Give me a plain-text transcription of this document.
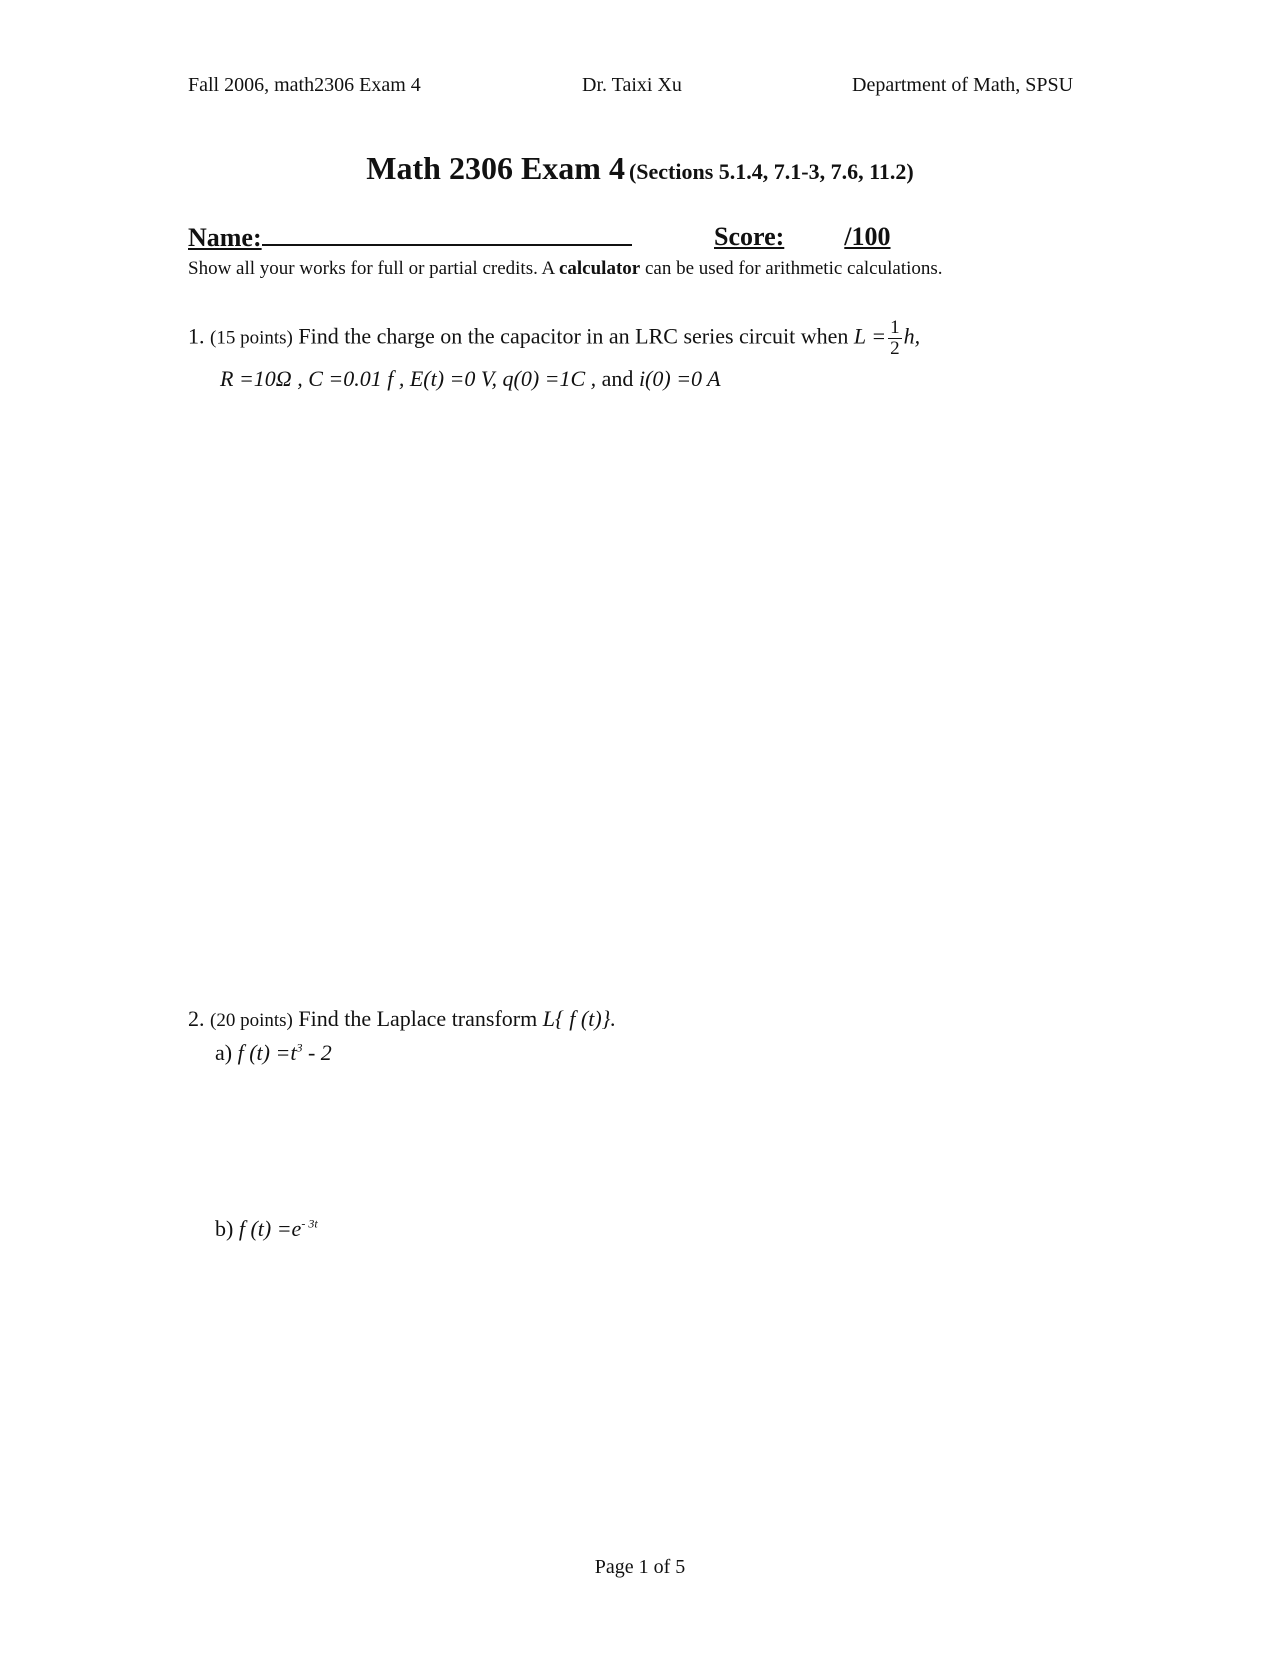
Fall 2006, math2306 Exam 4	Dr. Taixi Xu	Department of Math, SPSU
Math 2306 Exam 4 (Sections 5.1.4, 7.1-3, 7.6, 11.2)
Name:	Score: /100
Show all your works for full or partial credits. A calculator can be used for arithmetic calculations.
1. (15 points) Find the charge on the capacitor in an LRC series circuit when $L = \frac{1}{2} h$,
R =10Ω , C =0.01 f , E(t) =0 V, q(0) =1C , and i(0) =0 A
2. (20 points) Find the Laplace transform L{ f (t)}.
a) f $(t) =t^3 - 2$
b) f $(t) =e^{- 3t}$
Page 1 of 5
